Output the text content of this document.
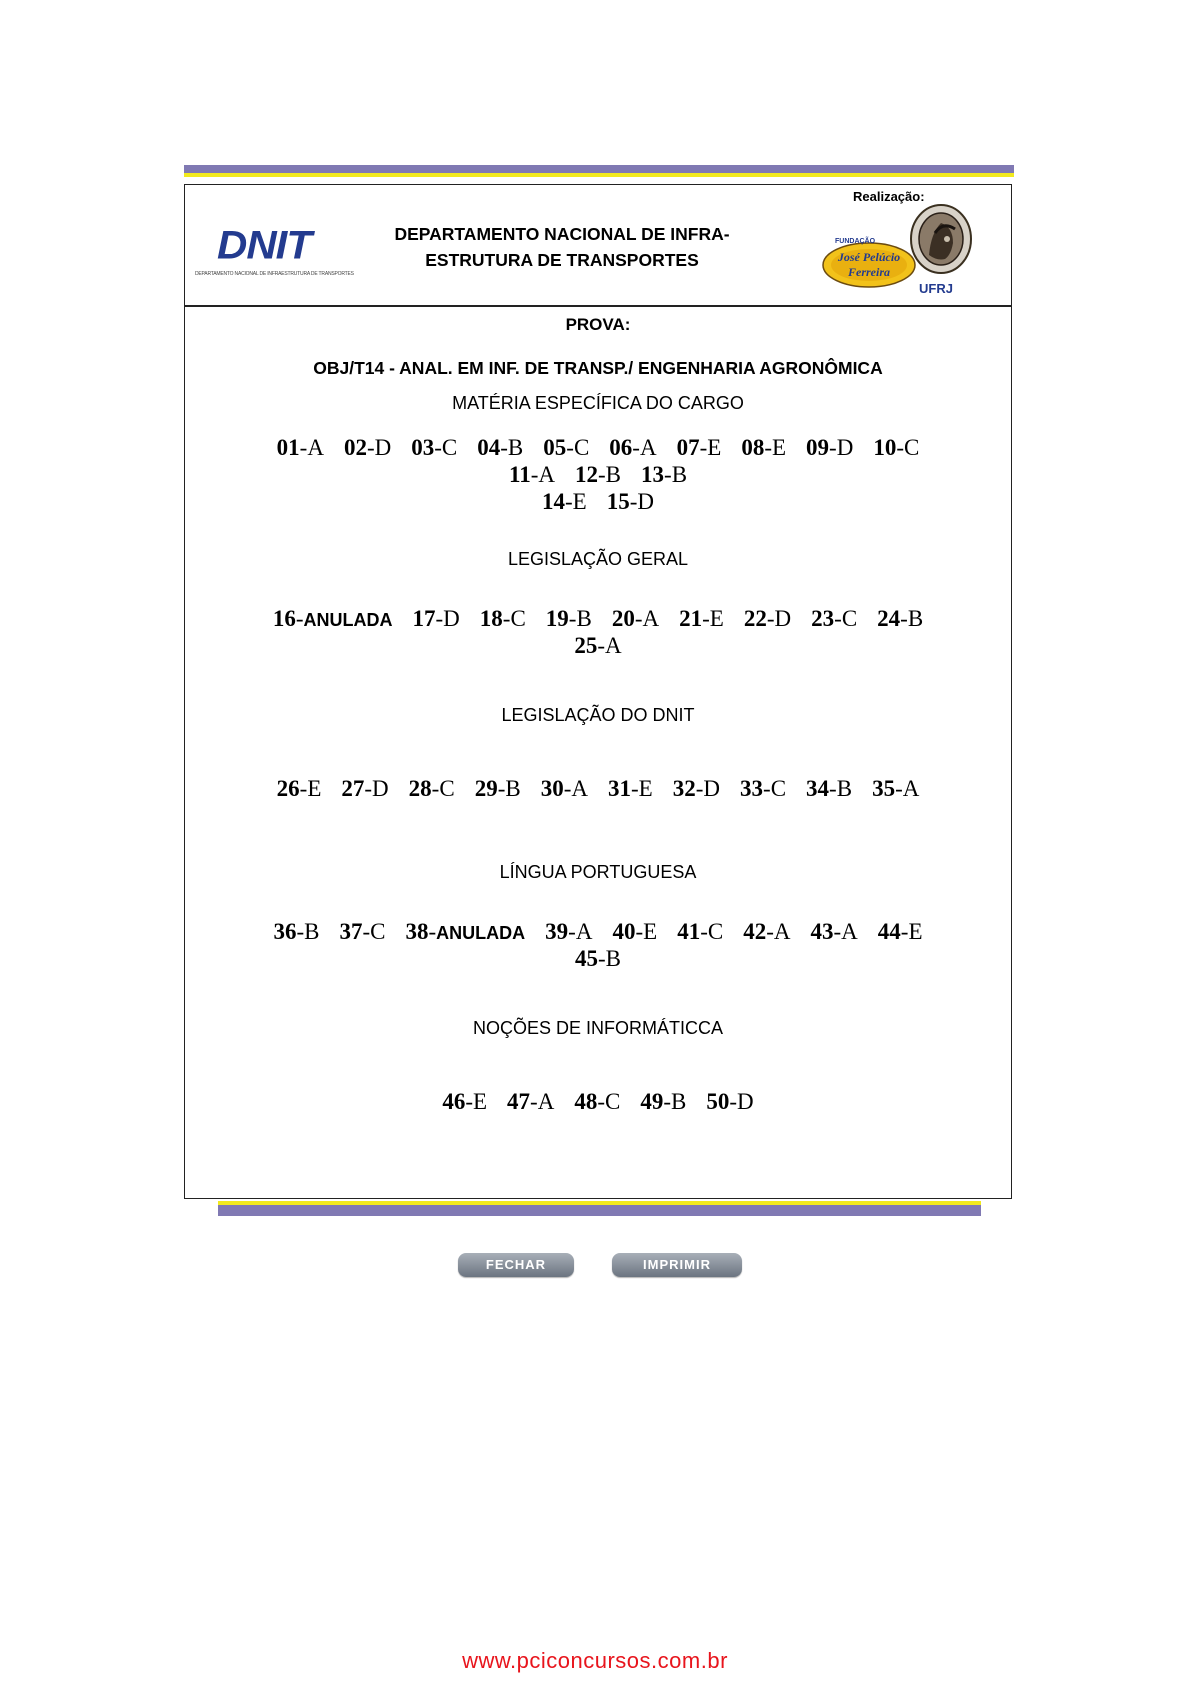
Realização:
DNIT
DEPARTAMENTO NACIONAL DE INFRAESTRUTURA DE TRANSPORTES
DEPARTAMENTO NACIONAL DE INFRA-
ESTRUTURA DE TRANSPORTES
FUNDAÇÃO
José Pelúcio
Ferreira
UFRJ
PROVA:
OBJ/T14 - ANAL. EM INF. DE TRANSP./ ENGENHARIA AGRONÔMICA
MATÉRIA ESPECÍFICA DO CARGO
01-A 02-D 03-C 04-B 05-C 06-A 07-E 08-E 09-D 10-C
11-A 12-B 13-B
14-E 15-D
LEGISLAÇÃO GERAL
16-ANULADA 17-D 18-C 19-B 20-A 21-E 22-D 23-C 24-B
25-A
LEGISLAÇÃO DO DNIT
26-E 27-D 28-C 29-B 30-A 31-E 32-D 33-C 34-B 35-A
LÍNGUA PORTUGUESA
36-B 37-C 38-ANULADA 39-A 40-E 41-C 42-A 43-A 44-E
45-B
NOÇÕES DE INFORMÁTICCA
46-E 47-A 48-C 49-B 50-D
FECHAR	IMPRIMIR
www.pciconcursos.com.br
